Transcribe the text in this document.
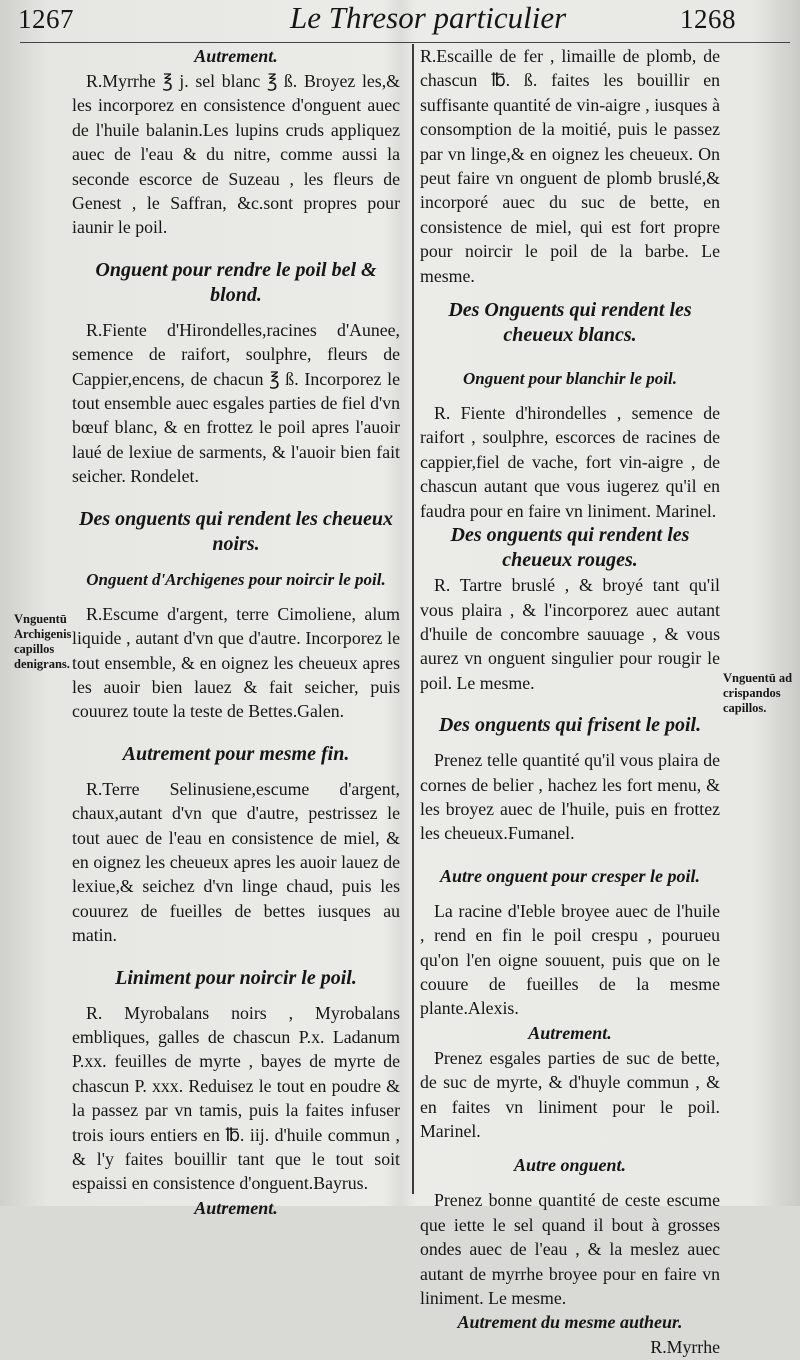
1267	Le Thresor particulier	1268
Vnguentū Archigenis capillos denigrans.
Vnguentū ad crispandos capillos.

Autrement.

R.Myrrhe ℥ j. sel blanc ℥ ß. Broyez les,& les incorporez en consistence d'onguent auec de l'huile balanin.Les lupins cruds appliquez auec de l'eau & du nitre, comme aussi la seconde escorce de Suzeau , les fleurs de Genest , le Saffran, &c.sont propres pour iaunir le poil.

Onguent pour rendre le poil bel & blond.

R.Fiente d'Hirondelles,racines d'Aunee, semence de raifort, soulphre, fleurs de Cappier,encens, de chacun ℥ ß. Incorporez le tout ensemble auec esgales parties de fiel d'vn bœuf blanc, & en frottez le poil apres l'auoir laué de lexiue de sarments, & l'auoir bien fait seicher. Rondelet.

Des onguents qui rendent les cheueux noirs.

Onguent d'Archigenes pour noircir le poil.

R.Escume d'argent, terre Cimoliene, alum liquide , autant d'vn que d'autre. Incorporez le tout ensemble, & en oignez les cheueux apres les auoir bien lauez & fait seicher, puis couurez toute la teste de Bettes.Galen.

Autrement pour mesme fin.

R.Terre Selinusiene,escume d'argent, chaux,autant d'vn que d'autre, pestrissez le tout auec de l'eau en consistence de miel, & en oignez les cheueux apres les auoir lauez de lexiue,& seichez d'vn linge chaud, puis les couurez de fueilles de bettes iusques au matin.

Liniment pour noircir le poil.

R. Myrobalans noirs , Myrobalans embliques, galles de chascun P.x. Ladanum P.xx. feuilles de myrte , bayes de myrte de chascun P. xxx. Reduisez le tout en poudre & la passez par vn tamis, puis la faites infuser trois iours entiers en ℔. iij. d'huile commun , & l'y faites bouillir tant que le tout soit espaissi en consistence d'onguent.Bayrus.

Autrement.

R.Escaille de fer , limaille de plomb, de chascun ℔. ß. faites les bouillir en suffisante quantité de vin-aigre , iusques à consomption de la moitié, puis le passez par vn linge,& en oignez les cheueux. On peut faire vn onguent de plomb bruslé,& incorporé auec du suc de bette, en consistence de miel, qui est fort propre pour noircir le poil de la barbe. Le mesme.

Des Onguents qui rendent les cheueux blancs.

Onguent pour blanchir le poil.

R. Fiente d'hirondelles , semence de raifort , soulphre, escorces de racines de cappier,fiel de vache, fort vin-aigre , de chascun autant que vous iugerez qu'il en faudra pour en faire vn liniment. Marinel.

Des onguents qui rendent les cheueux rouges.

R. Tartre bruslé , & broyé tant qu'il vous plaira , & l'incorporez auec autant d'huile de concombre sauuage , & vous aurez vn onguent singulier pour rougir le poil. Le mesme.

Des onguents qui frisent le poil.

Prenez telle quantité qu'il vous plaira de cornes de belier , hachez les fort menu, & les broyez auec de l'huile, puis en frottez les cheueux.Fumanel.

Autre onguent pour cresper le poil.

La racine d'Ieble broyee auec de l'huile , rend en fin le poil crespu , pourueu qu'on l'en oigne souuent, puis que on le couure de fueilles de la mesme plante.Alexis.

Autrement.

Prenez esgales parties de suc de bette, de suc de myrte, & d'huyle commun , & en faites vn liniment pour le poil. Marinel.

Autre onguent.

Prenez bonne quantité de ceste escume que iette le sel quand il bout à grosses ondes auec de l'eau , & la meslez auec autant de myrrhe broyee pour en faire vn liniment. Le mesme.

Autrement du mesme autheur.

R.Myrrhe
